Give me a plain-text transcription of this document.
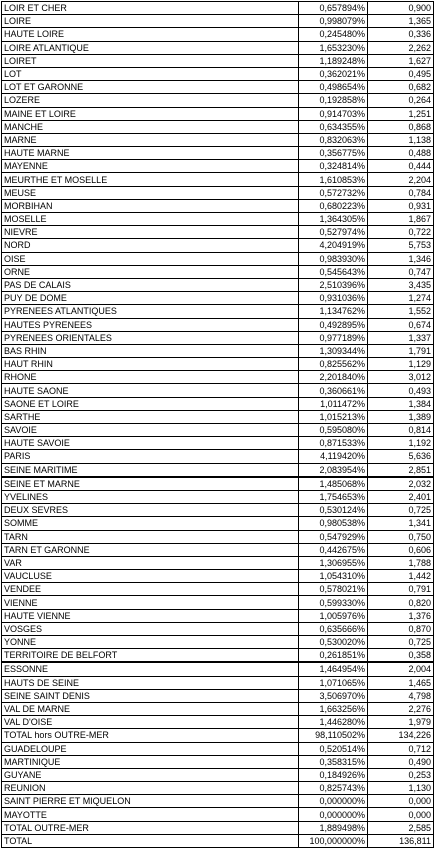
LOIR ET CHER	0,657894%	0,900
LOIRE	0,998079%	1,365
HAUTE LOIRE	0,245480%	0,336
LOIRE ATLANTIQUE	1,653230%	2,262
LOIRET	1,189248%	1,627
LOT	0,362021%	0,495
LOT ET GARONNE	0,498654%	0,682
LOZERE	0,192858%	0,264
MAINE ET LOIRE	0,914703%	1,251
MANCHE	0,634355%	0,868
MARNE	0,832063%	1,138
HAUTE MARNE	0,356775%	0,488
MAYENNE	0,324814%	0,444
MEURTHE ET MOSELLE	1,610853%	2,204
MEUSE	0,572732%	0,784
MORBIHAN	0,680223%	0,931
MOSELLE	1,364305%	1,867
NIEVRE	0,527974%	0,722
NORD	4,204919%	5,753
OISE	0,983930%	1,346
ORNE	0,545643%	0,747
PAS DE CALAIS	2,510396%	3,435
PUY DE DOME	0,931036%	1,274
PYRENEES ATLANTIQUES	1,134762%	1,552
HAUTES PYRENEES	0,492895%	0,674
PYRENEES ORIENTALES	0,977189%	1,337
BAS RHIN	1,309344%	1,791
HAUT RHIN	0,825562%	1,129
RHONE	2,201840%	3,012
HAUTE SAONE	0,360661%	0,493
SAONE ET LOIRE	1,011472%	1,384
SARTHE	1,015213%	1,389
SAVOIE	0,595080%	0,814
HAUTE SAVOIE	0,871533%	1,192
PARIS	4,119420%	5,636
SEINE MARITIME	2,083954%	2,851
SEINE ET MARNE	1,485068%	2,032
YVELINES	1,754653%	2,401
DEUX SEVRES	0,530124%	0,725
SOMME	0,980538%	1,341
TARN	0,547929%	0,750
TARN ET GARONNE	0,442675%	0,606
VAR	1,306955%	1,788
VAUCLUSE	1,054310%	1,442
VENDEE	0,578021%	0,791
VIENNE	0,599330%	0,820
HAUTE VIENNE	1,005976%	1,376
VOSGES	0,635666%	0,870
YONNE	0,530020%	0,725
TERRITOIRE DE BELFORT	0,261851%	0,358
ESSONNE	1,464954%	2,004
HAUTS DE SEINE	1,071065%	1,465
SEINE SAINT DENIS	3,506970%	4,798
VAL DE MARNE	1,663256%	2,276
VAL D'OISE	1,446280%	1,979
TOTAL hors OUTRE-MER	98,110502%	134,226
GUADELOUPE	0,520514%	0,712
MARTINIQUE	0,358315%	0,490
GUYANE	0,184926%	0,253
REUNION	0,825743%	1,130
SAINT PIERRE ET MIQUELON	0,000000%	0,000
MAYOTTE	0,000000%	0,000
TOTAL OUTRE-MER	1,889498%	2,585
TOTAL	100,000000%	136,811
